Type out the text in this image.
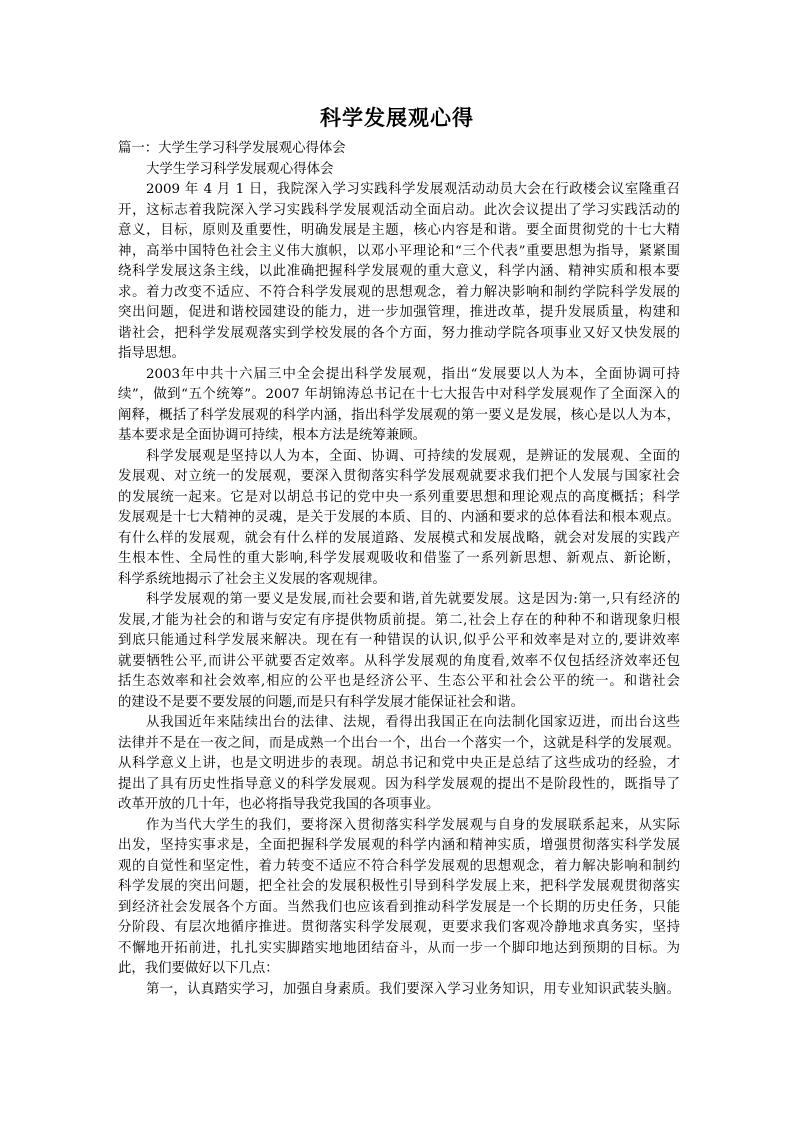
科学发展观心得
篇一：大学生学习科学发展观心得体会
大学生学习科学发展观心得体会
2009 年 4 月 1 日，我院深入学习实践科学发展观活动动员大会在行政楼会议室隆重召
开，这标志着我院深入学习实践科学发展观活动全面启动。此次会议提出了学习实践活动的
意义，目标，原则及重要性，明确发展是主题，核心内容是和谐。要全面贯彻党的十七大精
神，高举中国特色社会主义伟大旗帜，以邓小平理论和“三个代表”重要思想为指导，紧紧围
绕科学发展这条主线，以此准确把握科学发展观的重大意义，科学内涵、精神实质和根本要
求。着力改变不适应、不符合科学发展观的思想观念，着力解决影响和制约学院科学发展的
突出问题，促进和谐校园建设的能力，进一步加强管理，推进改革，提升发展质量，构建和
谐社会，把科学发展观落实到学校发展的各个方面，努力推动学院各项事业又好又快发展的
指导思想。
2003年中共十六届三中全会提出科学发展观，指出“发展要以人为本，全面协调可持
续”，做到“五个统筹”。2007 年胡锦涛总书记在十七大报告中对科学发展观作了全面深入的
阐释，概括了科学发展观的科学内涵，指出科学发展观的第一要义是发展，核心是以人为本，
基本要求是全面协调可持续，根本方法是统筹兼顾。
科学发展观是坚持以人为本，全面、协调、可持续的发展观，是辨证的发展观、全面的
发展观、对立统一的发展观，要深入贯彻落实科学发展观就要求我们把个人发展与国家社会
的发展统一起来。它是对以胡总书记的党中央一系列重要思想和理论观点的高度概括；科学
发展观是十七大精神的灵魂，是关于发展的本质、目的、内涵和要求的总体看法和根本观点。
有什么样的发展观，就会有什么样的发展道路、发展模式和发展战略，就会对发展的实践产
生根本性、全局性的重大影响,科学发展观吸收和借鉴了一系列新思想、新观点、新论断，
科学系统地揭示了社会主义发展的客观规律。
科学发展观的第一要义是发展,而社会要和谐,首先就要发展。这是因为:第一,只有经济的
发展,才能为社会的和谐与安定有序提供物质前提。第二,社会上存在的种种不和谐现象归根
到底只能通过科学发展来解决。现在有一种错误的认识,似乎公平和效率是对立的,要讲效率
就要牺牲公平,而讲公平就要否定效率。从科学发展观的角度看,效率不仅包括经济效率还包
括生态效率和社会效率,相应的公平也是经济公平、生态公平和社会公平的统一。和谐社会
的建设不是要不要发展的问题,而是只有科学发展才能保证社会和谐。
从我国近年来陆续出台的法律、法规，看得出我国正在向法制化国家迈进，而出台这些
法律并不是在一夜之间，而是成熟一个出台一个，出台一个落实一个，这就是科学的发展观。
从科学意义上讲，也是文明进步的表现。胡总书记和党中央正是总结了这些成功的经验，才
提出了具有历史性指导意义的科学发展观。因为科学发展观的提出不是阶段性的，既指导了
改革开放的几十年，也必将指导我党我国的各项事业。
作为当代大学生的我们，要将深入贯彻落实科学发展观与自身的发展联系起来，从实际
出发，坚持实事求是，全面把握科学发展观的科学内涵和精神实质，增强贯彻落实科学发展
观的自觉性和坚定性，着力转变不适应不符合科学发展观的思想观念，着力解决影响和制约
科学发展的突出问题，把全社会的发展积极性引导到科学发展上来，把科学发展观贯彻落实
到经济社会发展各个方面。当然我们也应该看到推动科学发展是一个长期的历史任务，只能
分阶段、有层次地循序推进。贯彻落实科学发展观，更要求我们客观冷静地求真务实，坚持
不懈地开拓前进，扎扎实实脚踏实地地团结奋斗，从而一步一个脚印地达到预期的目标。为
此，我们要做好以下几点：
第一，认真踏实学习，加强自身素质。我们要深入学习业务知识，用专业知识武装头脑。
